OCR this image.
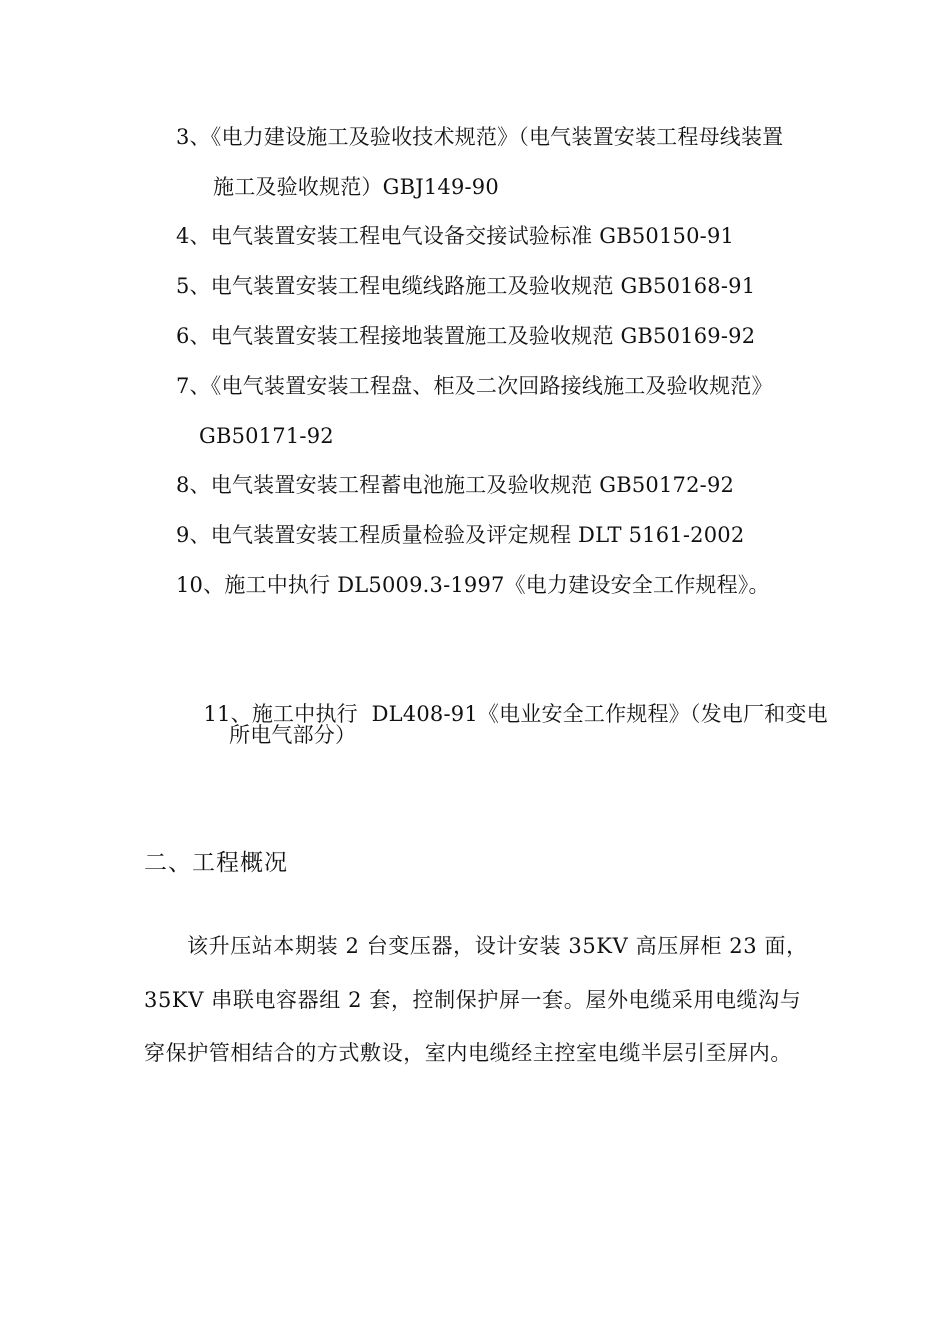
3、《电力建设施工及验收技术规范》（电气装置安装工程母线装置
施工及验收规范）GBJ149-90
4、电气装置安装工程电气设备交接试验标准 GB50150-91
5、电气装置安装工程电缆线路施工及验收规范 GB50168-91
6、电气装置安装工程接地装置施工及验收规范 GB50169-92
7、《电气装置安装工程盘、柜及二次回路接线施工及验收规范》
GB50171-92
8、电气装置安装工程蓄电池施工及验收规范 GB50172-92
9、电气装置安装工程质量检验及评定规程 DLT 5161-2002
10、施工中执行 DL5009.3-1997《电力建设安全工作规程》。

11、施工中执行  DL408-91《电业安全工作规程》（发电厂和变电

所电气部分）
二、工程概况
该升压站本期装 2 台变压器，设计安装 35KV 高压屏柜 23 面，
35KV 串联电容器组 2 套，控制保护屏一套。屋外电缆采用电缆沟与
穿保护管相结合的方式敷设，室内电缆经主控室电缆半层引至屏内。
